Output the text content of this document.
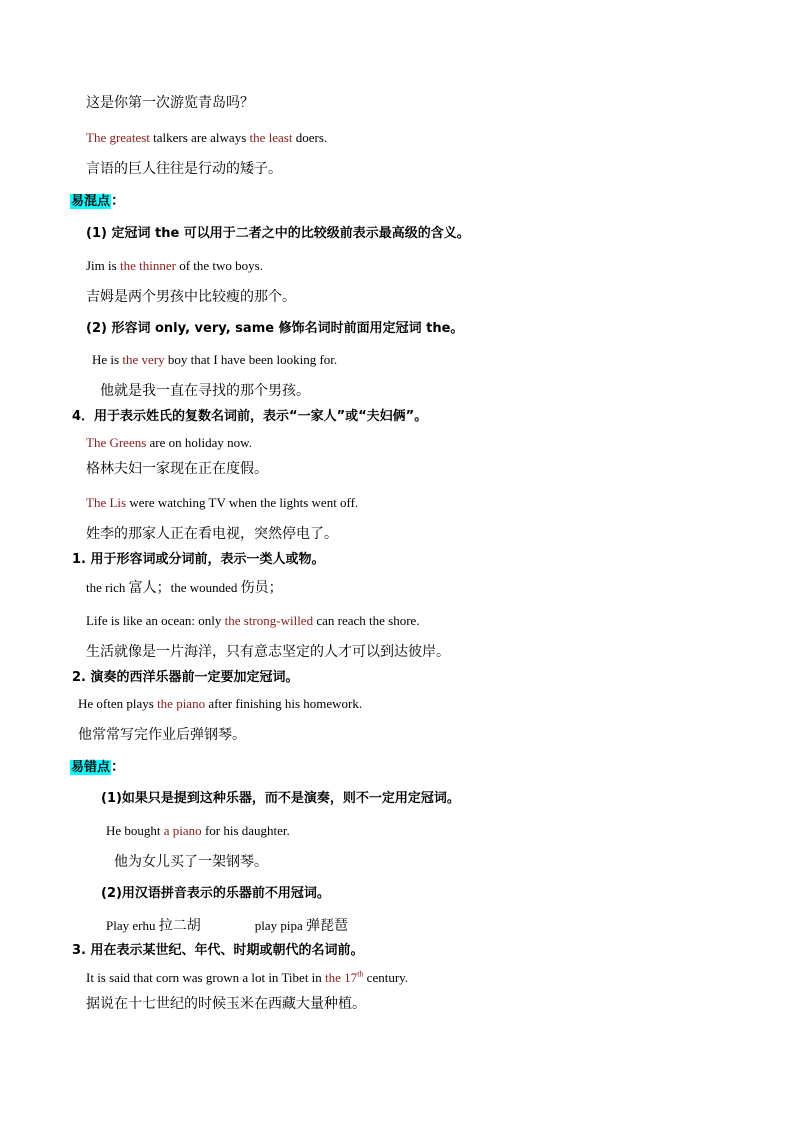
这是你第一次游览青岛吗？
The greatest talkers are always the least doers.
言语的巨人往往是行动的矮子。
易混点：
(1) 定冠词 the 可以用于二者之中的比较级前表示最高级的含义。
Jim is the thinner of the two boys.
吉姆是两个男孩中比较瘦的那个。
(2) 形容词 only, very, same 修饰名词时前面用定冠词 the。
He is the very boy that I have been looking for.
他就是我一直在寻找的那个男孩。
4．用于表示姓氏的复数名词前，表示“一家人”或“夫妇俩”。
The Greens are on holiday now.
格林夫妇一家现在正在度假。
The Lis were watching TV when the lights went off.
姓李的那家人正在看电视，突然停电了。
1. 用于形容词或分词前，表示一类人或物。
the rich 富人；the wounded 伤员；
Life is like an ocean: only the strong-willed can reach the shore.
生活就像是一片海洋，只有意志坚定的人才可以到达彼岸。
2. 演奏的西洋乐器前一定要加定冠词。
He often plays the piano after finishing his homework.
他常常写完作业后弹钢琴。
易错点：
(1)如果只是提到这种乐器，而不是演奏，则不一定用定冠词。
He bought a piano for his daughter.
他为女儿买了一架钢琴。
(2)用汉语拼音表示的乐器前不用冠词。
Play erhu 拉二胡	play pipa 弹琵琶
3. 用在表示某世纪、年代、时期或朝代的名词前。
It is said that corn was grown a lot in Tibet in the 17th century.
据说在十七世纪的时候玉米在西藏大量种植。
